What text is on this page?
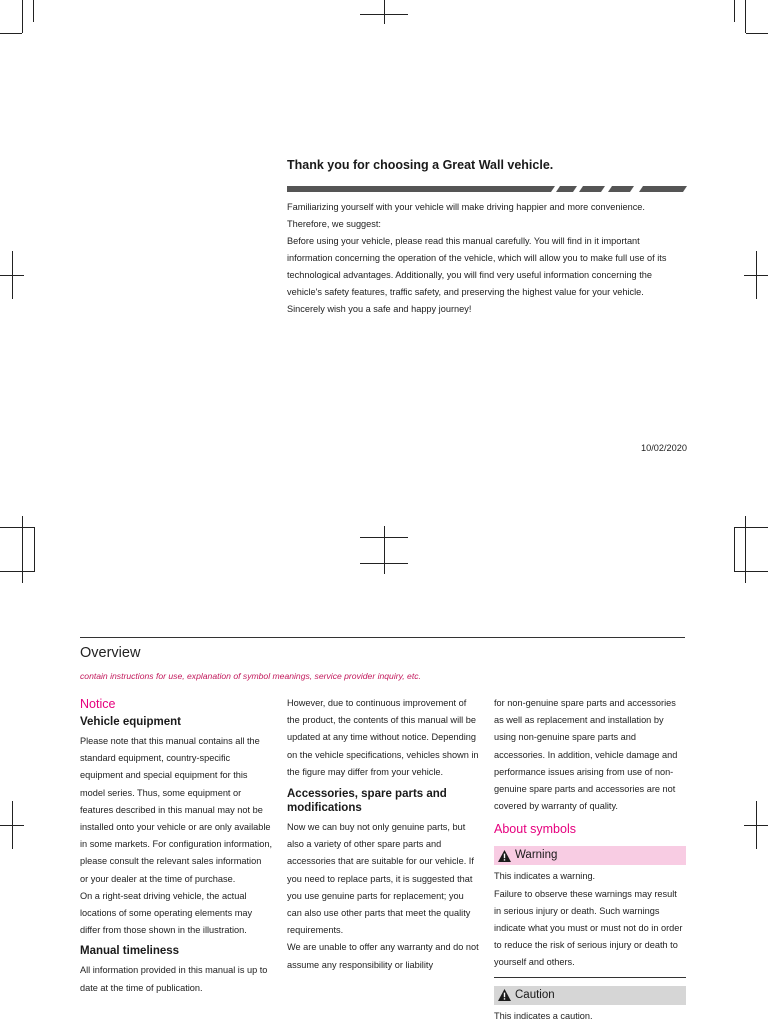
Thank you for choosing a Great Wall vehicle.

Familiarizing yourself with your vehicle will make driving happier and more convenience. Therefore, we suggest:

Before using your vehicle, please read this manual carefully. You will find in it important information concerning the operation of the vehicle, which will allow you to make full use of its technological advantages. Additionally, you will find very useful information concerning the vehicle's safety features, traffic safety, and preserving the highest value for your vehicle.

Sincerely wish you a safe and happy journey!

10/02/2020
Overview
contain instructions for use, explanation of symbol meanings, service provider inquiry, etc.
Notice
Vehicle equipment

Please note that this manual contains all the standard equipment, country-specific equipment and special equipment for this model series. Thus, some equipment or features described in this manual may not be installed onto your vehicle or are only available in some markets. For configuration information, please consult the relevant sales information or your dealer at the time of purchase.

On a right-seat driving vehicle, the actual locations of some operating elements may differ from those shown in the illustration.

Manual timeliness

All information provided in this manual is up to date at the time of publication.

However, due to continuous improvement of the product, the contents of this manual will be updated at any time without notice. Depending on the vehicle specifications, vehicles shown in the figure may differ from your vehicle.

Accessories, spare parts and modifications

Now we can buy not only genuine parts, but also a variety of other spare parts and accessories that are suitable for our vehicle. If you need to replace parts, it is suggested that you use genuine parts for replacement; you can also use other parts that meet the quality requirements.

We are unable to offer any warranty and do not assume any responsibility or liability

for non-genuine spare parts and accessories as well as replacement and installation by using non-genuine spare parts and accessories. In addition, vehicle damage and performance issues arising from use of non-genuine spare parts and accessories are not covered by warranty of quality.

About symbols
Warning

This indicates a warning.

Failure to observe these warnings may result in serious injury or death. Such warnings indicate what you must or must not do in order to reduce the risk of serious injury or death to yourself and others.

Caution

This indicates a caution.
